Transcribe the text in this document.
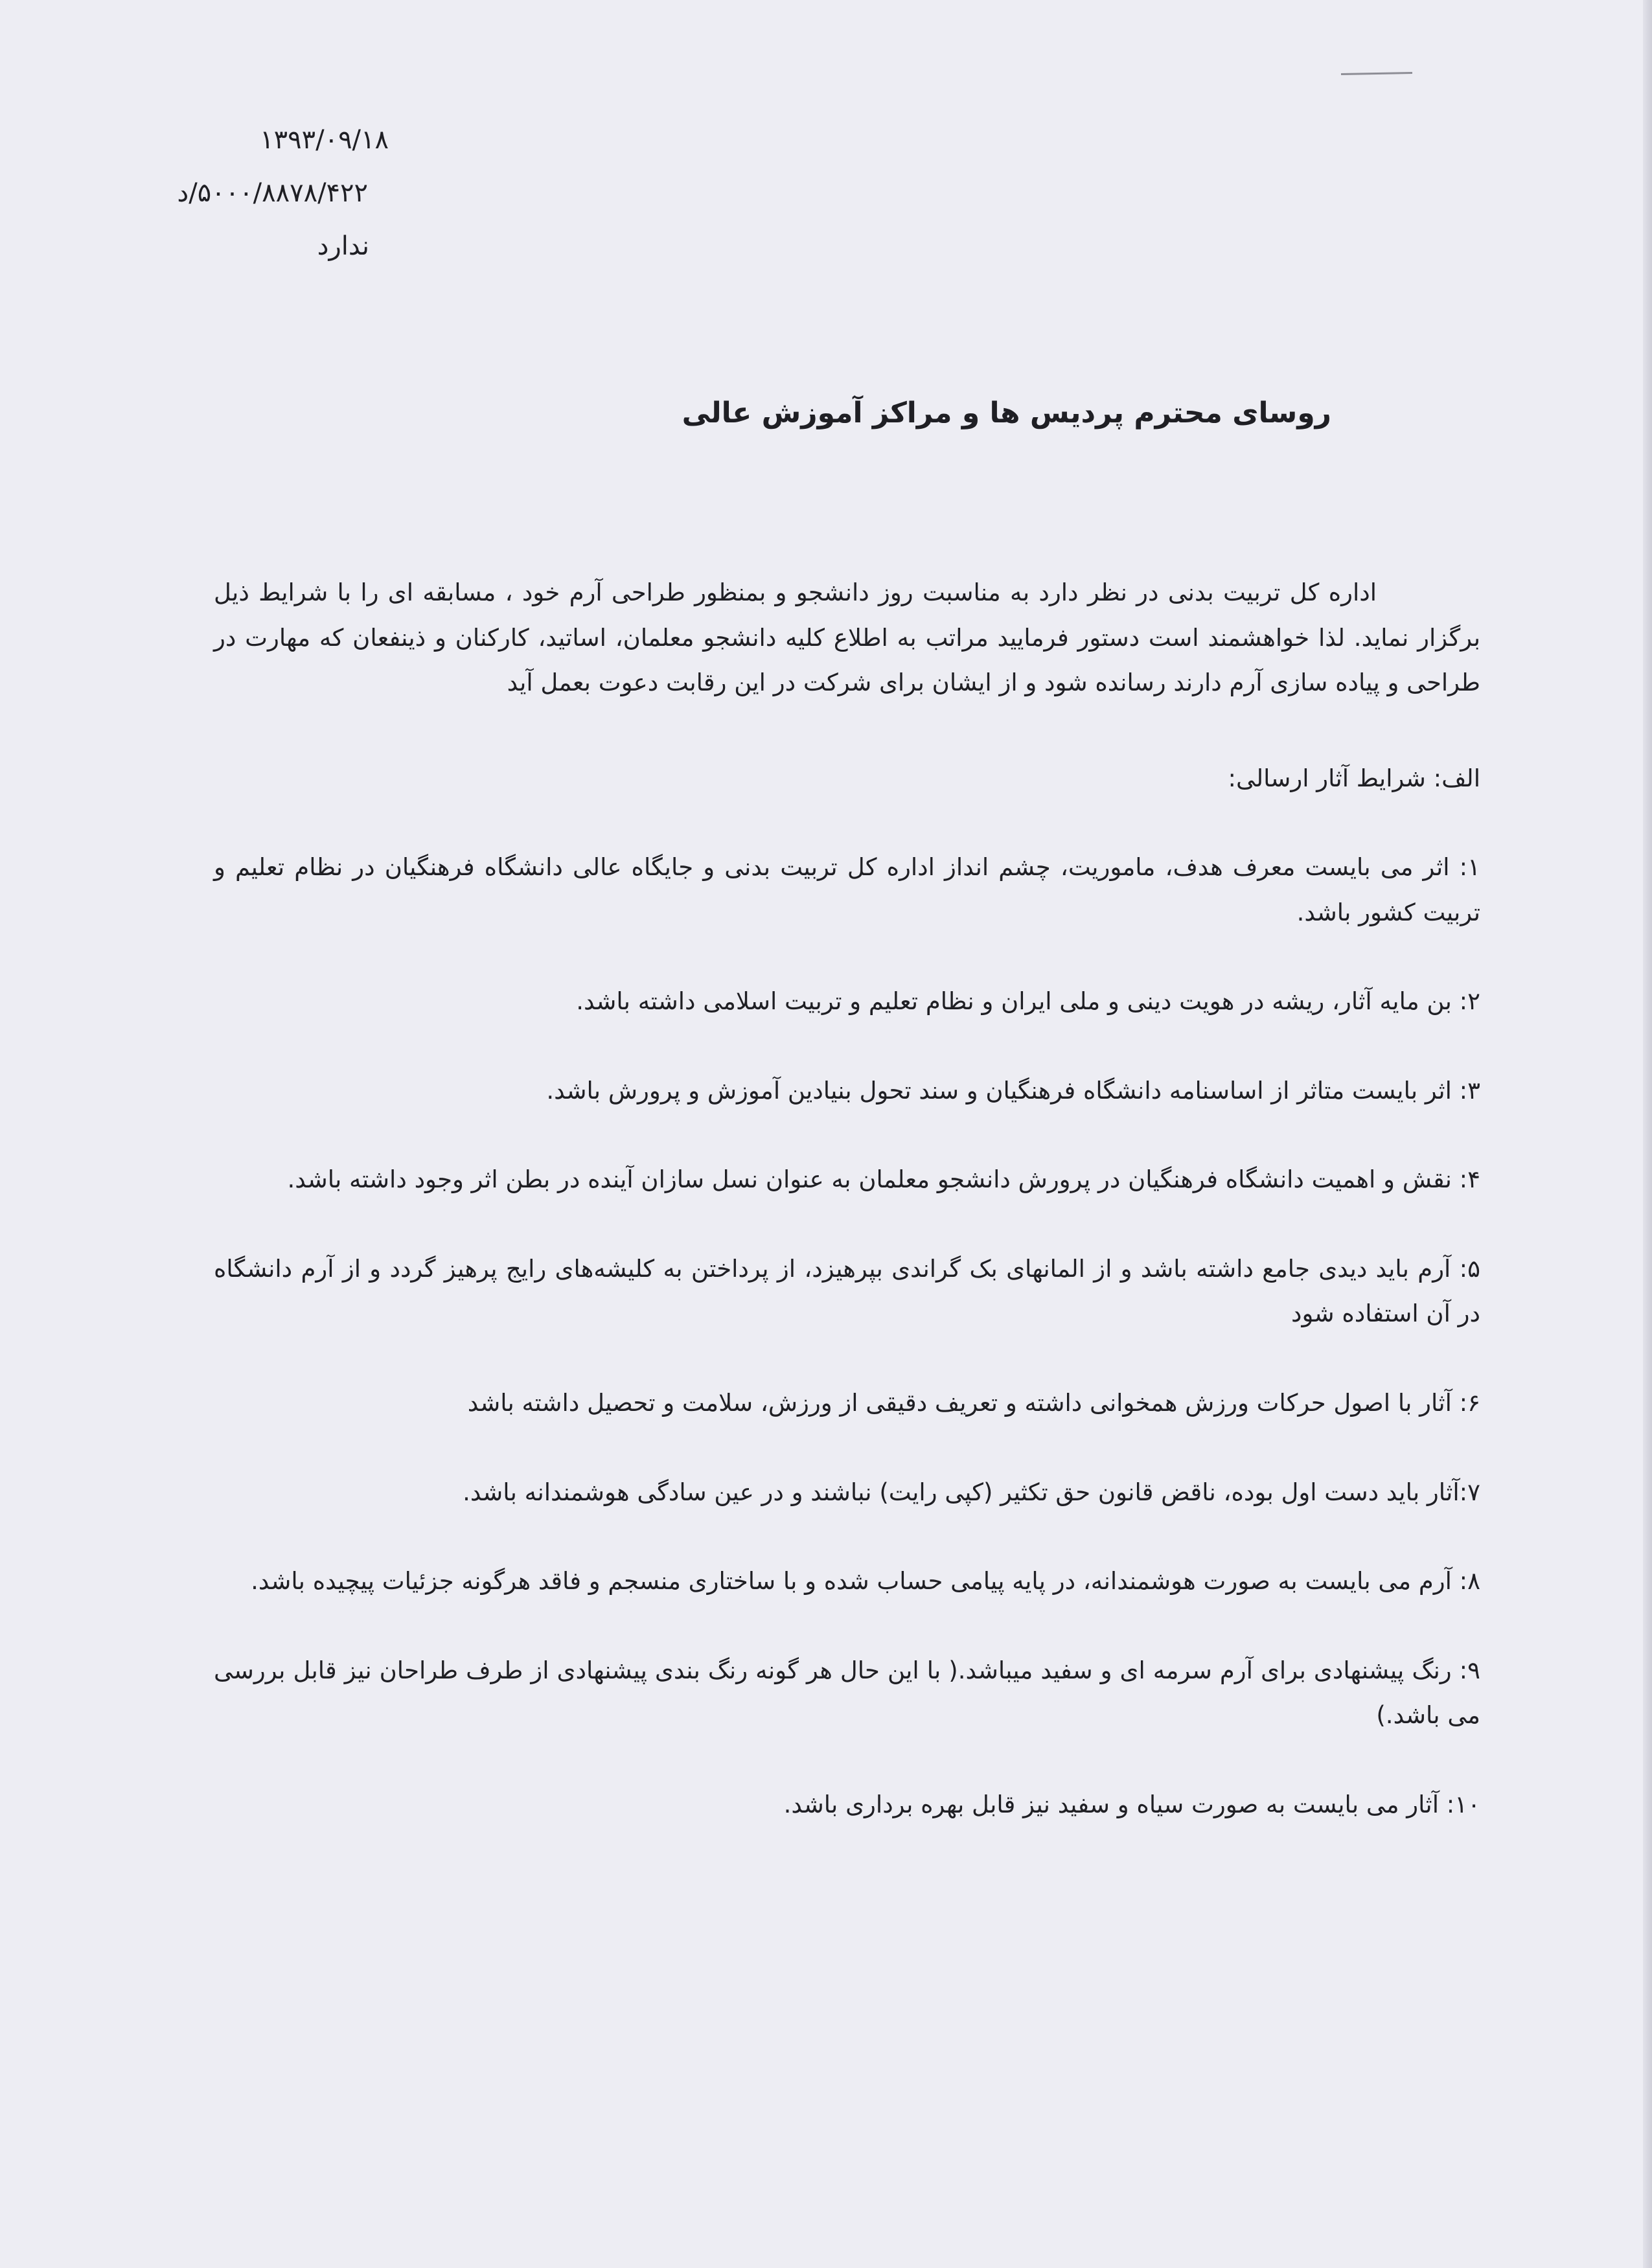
۱۳۹۳/۰۹/۱۸
۵۰۰۰/۸۸۷۸/۴۲۲/د
ندارد
روسای محترم پردیس ها و مراکز آموزش عالی

اداره کل تربیت بدنی در نظر دارد به مناسبت روز دانشجو و بمنظور طراحی آرم خود ، مسابقه ای را با شرایط ذیل برگزار نماید. لذا خواهشمند است دستور فرمایید مراتب به اطلاع کلیه دانشجو معلمان، اساتید، کارکنان و ذینفعان که مهارت در طراحی و پیاده سازی آرم دارند رسانده شود و از ایشان برای شرکت در این رقابت دعوت بعمل آید

الف: شرایط آثار ارسالی:

۱: اثر می بایست معرف هدف، ماموریت، چشم انداز اداره کل تربیت بدنی و جایگاه عالی دانشگاه فرهنگیان در نظام تعلیم و تربیت کشور باشد.

۲: بن مایه آثار، ریشه در هویت دینی و ملی ایران و نظام تعلیم و تربیت اسلامی داشته باشد.

۳: اثر بایست متاثر از اساسنامه دانشگاه فرهنگیان و سند تحول بنیادین آموزش و پرورش باشد.

۴: نقش و اهمیت دانشگاه فرهنگیان در پرورش دانشجو معلمان به عنوان نسل سازان آینده در بطن اثر وجود داشته باشد.

۵: آرم باید دیدی جامع داشته باشد و از المانهای بک گراندی بپرهیزد، از پرداختن به کلیشه‌های رایج پرهیز گردد و از آرم دانشگاه در آن استفاده شود

۶: آثار با اصول حرکات ورزش همخوانی داشته و تعریف دقیقی از ورزش، سلامت و تحصیل داشته باشد

۷:آثار باید دست اول بوده، ناقض قانون حق تکثیر (کپی رایت) نباشند و در عین سادگی هوشمندانه باشد.

۸: آرم می بایست به صورت هوشمندانه، در پایه پیامی حساب شده و با ساختاری منسجم و فاقد هرگونه جزئیات پیچیده باشد.

۹: رنگ پیشنهادی برای آرم سرمه ای و سفید میباشد.( با این حال هر گونه رنگ بندی پیشنهادی از طرف طراحان نیز قابل بررسی می باشد.)

۱۰: آثار می بایست به صورت سیاه و سفید نیز قابل بهره برداری باشد.
